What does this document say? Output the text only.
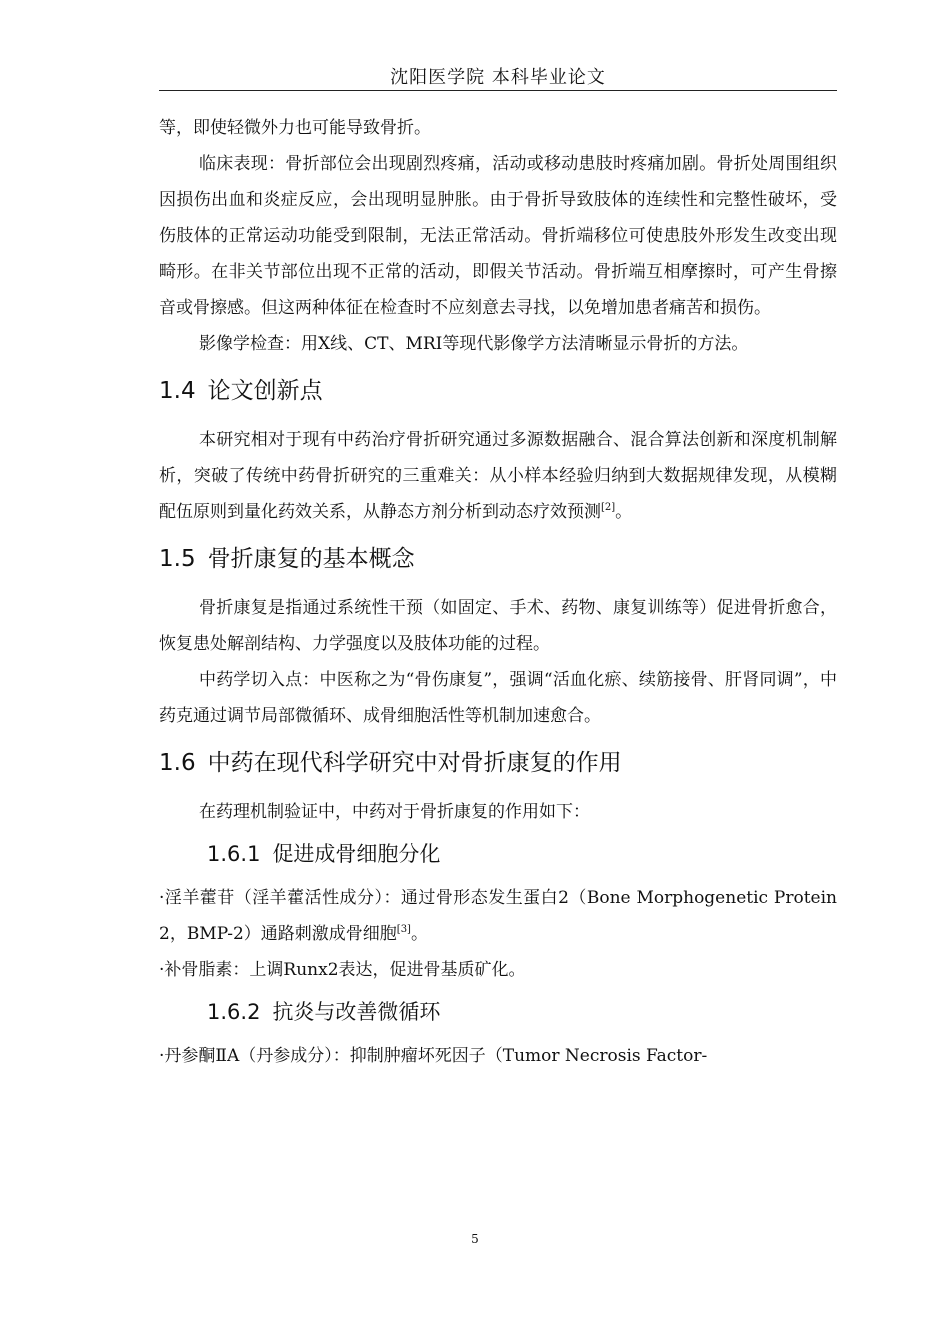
沈阳医学院 本科毕业论文

等，即使轻微外力也可能导致骨折。

临床表现：骨折部位会出现剧烈疼痛，活动或移动患肢时疼痛加剧。骨折处周围组织因损伤出血和炎症反应，会出现明显肿胀。由于骨折导致肢体的连续性和完整性破坏，受伤肢体的正常运动功能受到限制，无法正常活动。骨折端移位可使患肢外形发生改变出现畸形。在非关节部位出现不正常的活动，即假关节活动。骨折端互相摩擦时，可产生骨擦音或骨擦感。但这两种体征在检查时不应刻意去寻找，以免增加患者痛苦和损伤。

影像学检查：用X线、CT、MRI等现代影像学方法清晰显示骨折的方法。

1.4 论文创新点

本研究相对于现有中药治疗骨折研究通过多源数据融合、混合算法创新和深度机制解析，突破了传统中药骨折研究的三重难关：从小样本经验归纳到大数据规律发现，从模糊配伍原则到量化药效关系，从静态方剂分析到动态疗效预测[2]。

1.5 骨折康复的基本概念

骨折康复是指通过系统性干预（如固定、手术、药物、康复训练等）促进骨折愈合，恢复患处解剖结构、力学强度以及肢体功能的过程。

中药学切入点：中医称之为“骨伤康复”，强调“活血化瘀、续筋接骨、肝肾同调”，中药克通过调节局部微循环、成骨细胞活性等机制加速愈合。

1.6 中药在现代科学研究中对骨折康复的作用

在药理机制验证中，中药对于骨折康复的作用如下：

1.6.1 促进成骨细胞分化

·淫羊藿苷（淫羊藿活性成分）：通过骨形态发生蛋白2（Bone Morphogenetic Protein 2，BMP-2）通路刺激成骨细胞[3]。

·补骨脂素：上调Runx2表达，促进骨基质矿化。

1.6.2 抗炎与改善微循环

·丹参酮ⅡA（丹参成分）：抑制肿瘤坏死因子（Tumor Necrosis Factor-

5
